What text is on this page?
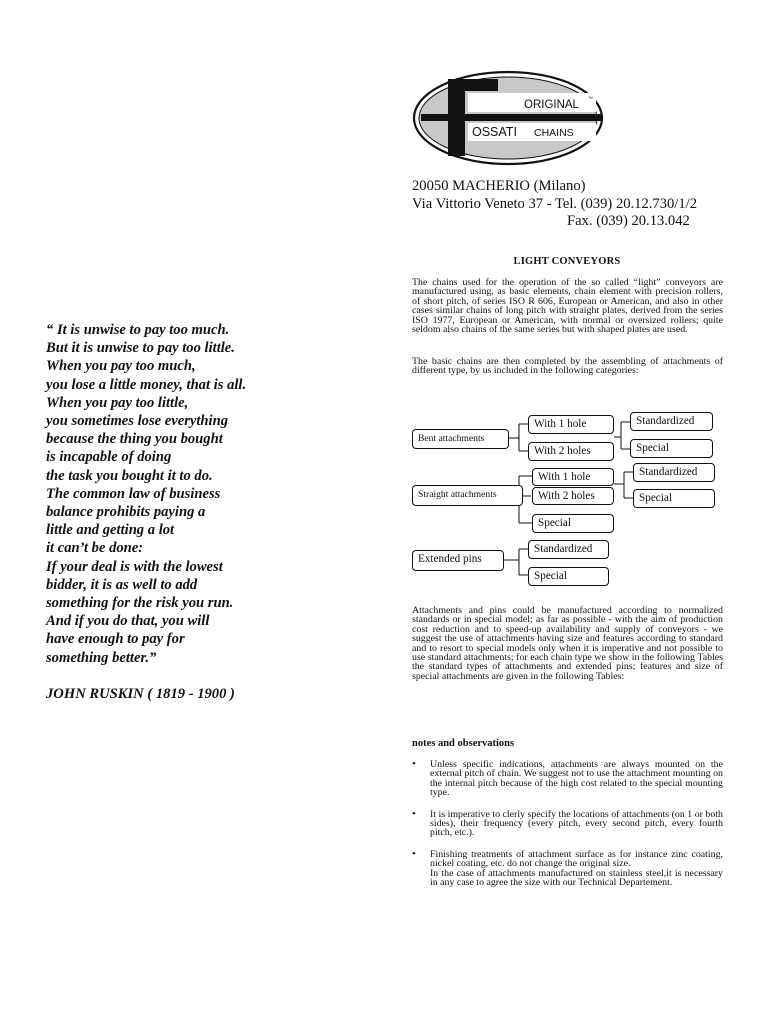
“ It is unwise to pay too much.
But it is unwise to pay too little.
When you pay too much,
you lose a little money, that is all.
When you pay too little,
you sometimes lose everything
because the thing you bought
is incapable of doing
the task you bought it to do.
The common law of business
balance prohibits paying a
little and getting a lot
it can’t be done:
If your deal is with the lowest
bidder, it is as well to add
something for the risk you run.
And if you do that, you will
have enough to pay for
something better.”
JOHN RUSKIN ( 1819 - 1900 )
ORIGINAL ™
OSSATI CHAINS
20050 MACHERIO (Milano)
Via Vittorio Veneto 37 - Tel. (039) 20.12.730/1/2
Fax. (039) 20.13.042
LIGHT CONVEYORS
The chains used for the operation of the so called “light” conveyors are manufactured using, as basic elements, chain element with precision rollers, of short pitch, of series ISO R 606, European or American, and also in other cases similar chains of long pitch with straight plates, derived from the series ISO 1977, European or American, with normal or oversized rollers; quite seldom also chains of the same series but with shaped plates are used.
The basic chains are then completed by the assembling of attachments of different type, by us included in the following categories:
Bent attachments
With 1 hole
With 2 holes
Standardized
Special
Straight attachments
With 1 hole
With 2 holes
Special
Standardized
Special
Extended pins
Standardized
Special
Attachments and pins could be manufactured according to normalized standards or in special model; as far as possible - with the aim of production cost reduction and to speed-up availability and supply of conveyors - we suggest the use of attachments having size and features according to standard and to resort to special models only when it is imperative and not possible to use standard attachments; for each chain type we show in the following Tables the standard types of attachments and extended pins; features and size of special attachments are given in the following Tables:
notes and observations
• Unless specific indications, attachments are always mounted on the external pitch of chain. We suggest not to use the attachment mounting on the internal pitch because of the high cost related to the special mounting type.
• It is imperative to clerly specify the locations of attachments (on 1 or both sides), their frequency (every pitch, every second pitch, every fourth pitch, etc.).
• Finishing treatments of attachment surface as for instance zinc coating, nickel coating, etc. do not change the original size.
In the case of attachments manufactured on stainless steel,it is necessary in any case to agree the size with our Technical Departement.
